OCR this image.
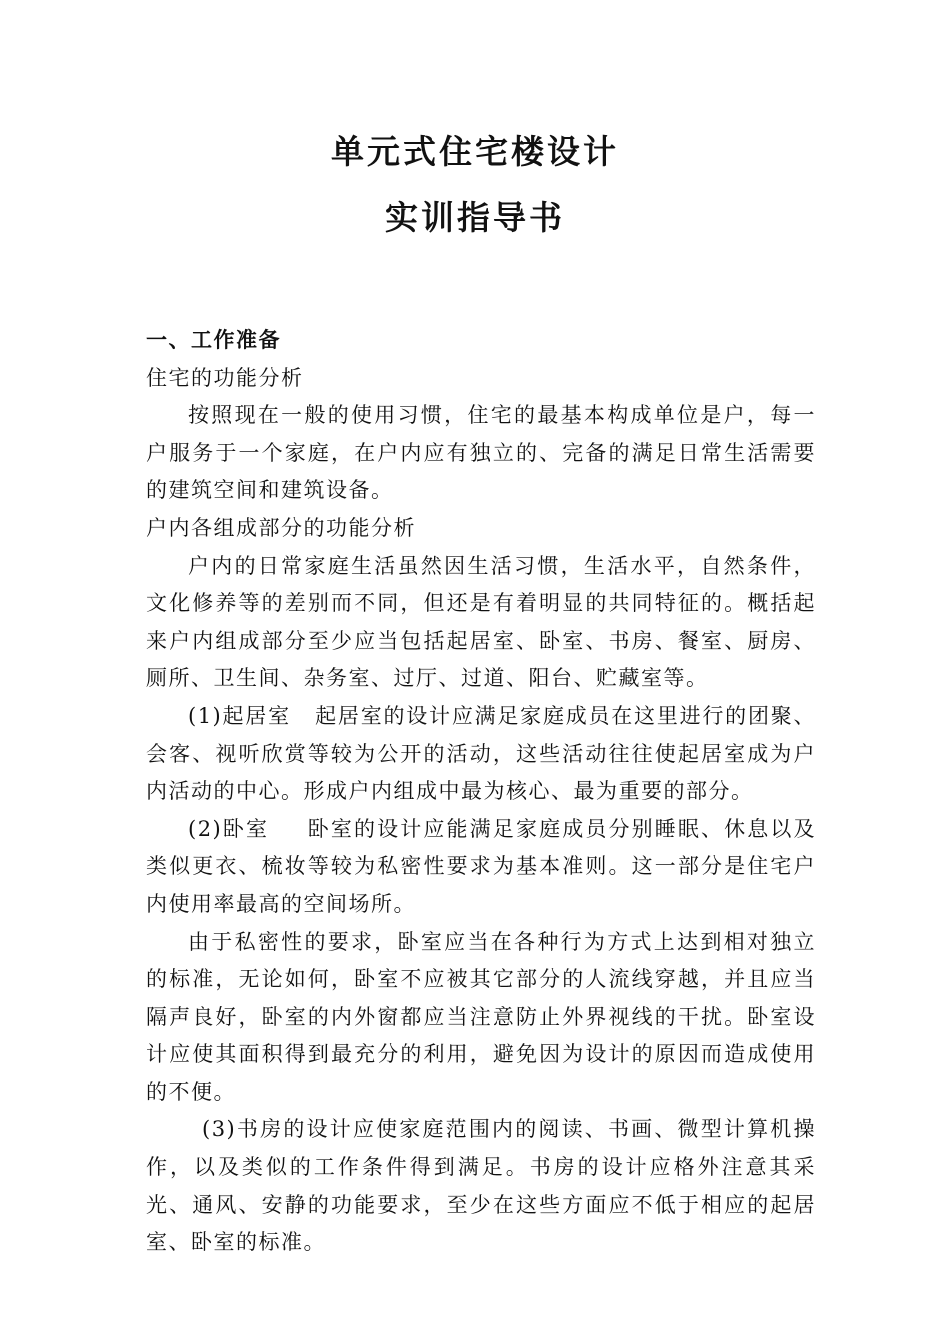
单元式住宅楼设计
实训指导书

一、工作准备

住宅的功能分析

按照现在一般的使用习惯，住宅的最基本构成单位是户，每一户服务于一个家庭，在户内应有独立的、完备的满足日常生活需要的建筑空间和建筑设备。

户内各组成部分的功能分析

户内的日常家庭生活虽然因生活习惯，生活水平，自然条件，文化修养等的差别而不同，但还是有着明显的共同特征的。概括起来户内组成部分至少应当包括起居室、卧室、书房、餐室、厨房、厕所、卫生间、杂务室、过厅、过道、阳台、贮藏室等。

(1)起居室 起居室的设计应满足家庭成员在这里进行的团聚、会客、视听欣赏等较为公开的活动，这些活动往往使起居室成为户内活动的中心。形成户内组成中最为核心、最为重要的部分。

(2)卧室 卧室的设计应能满足家庭成员分别睡眠、休息以及类似更衣、梳妆等较为私密性要求为基本准则。这一部分是住宅户内使用率最高的空间场所。

由于私密性的要求，卧室应当在各种行为方式上达到相对独立的标准，无论如何，卧室不应被其它部分的人流线穿越，并且应当隔声良好，卧室的内外窗都应当注意防止外界视线的干扰。卧室设计应使其面积得到最充分的利用，避免因为设计的原因而造成使用的不便。

(3)书房的设计应使家庭范围内的阅读、书画、微型计算机操作，以及类似的工作条件得到满足。书房的设计应格外注意其采光、通风、安静的功能要求，至少在这些方面应不低于相应的起居室、卧室的标准。
